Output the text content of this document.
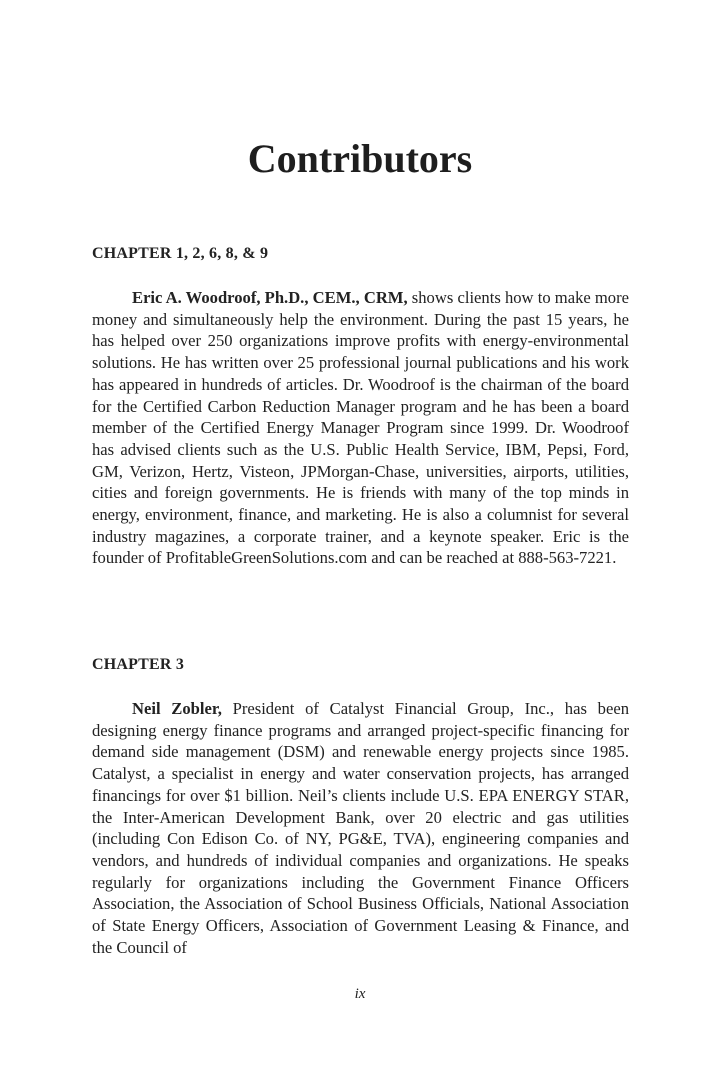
Contributors
CHAPTER 1, 2, 6, 8, & 9

Eric A. Woodroof, Ph.D., CEM., CRM, shows clients how to make more money and simultaneously help the environment. During the past 15 years, he has helped over 250 organizations improve profits with energy-environmental solutions. He has written over 25 professional journal publications and his work has appeared in hundreds of articles. Dr. Woodroof is the chairman of the board for the Certified Carbon Reduction Manager program and he has been a board member of the Certified Energy Manager Program since 1999. Dr. Woodroof has advised clients such as the U.S. Public Health Service, IBM, Pepsi, Ford, GM, Verizon, Hertz, Visteon, JPMorgan-Chase, universities, airports, utilities, cities and foreign governments. He is friends with many of the top minds in energy, environment, finance, and marketing. He is also a columnist for several industry magazines, a corporate trainer, and a keynote speaker. Eric is the founder of ProfitableGreenSolutions.com and can be reached at 888-563-7221.

CHAPTER 3

Neil Zobler, President of Catalyst Financial Group, Inc., has been designing energy finance programs and arranged project-specific financing for demand side management (DSM) and renewable energy projects since 1985. Catalyst, a specialist in energy and water conservation projects, has arranged financings for over $1 billion. Neil’s clients include U.S. EPA ENERGY STAR, the Inter-American Development Bank, over 20 electric and gas utilities (including Con Edison Co. of NY, PG&E, TVA), engineering companies and vendors, and hundreds of individual companies and organizations. He speaks regularly for organizations including the Government Finance Officers Association, the Association of School Business Officials, National Association of State Energy Officers, Association of Government Leasing & Finance, and the Council of

ix
